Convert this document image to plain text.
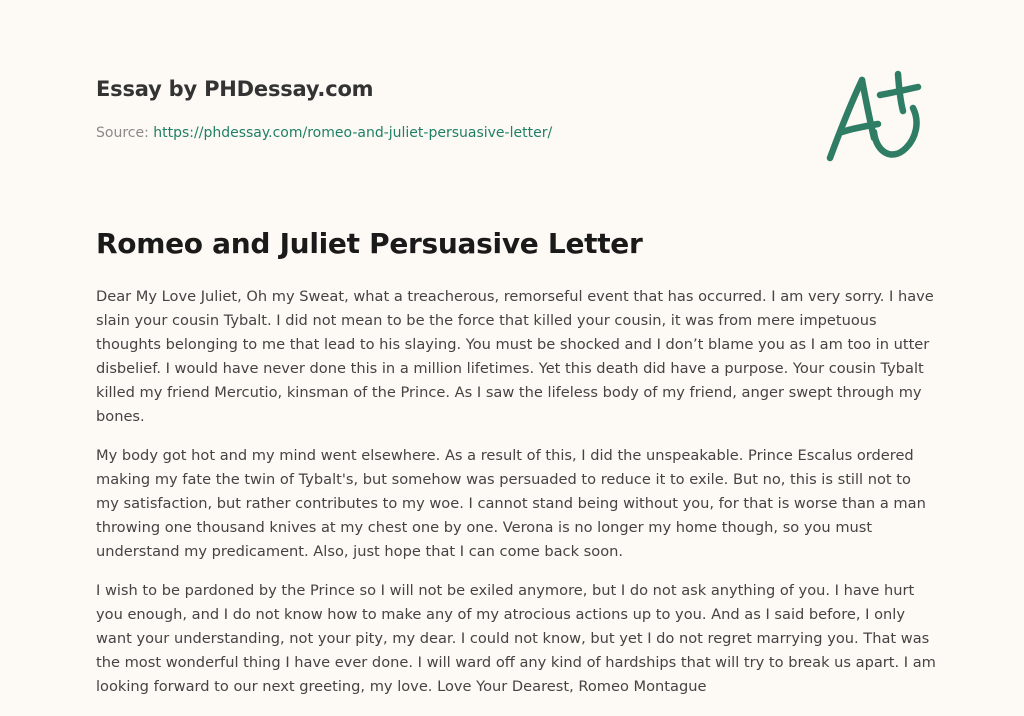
Essay by PHDessay.com
Source: https://phdessay.com/romeo-and-juliet-persuasive-letter/
Romeo and Juliet Persuasive Letter

Dear My Love Juliet, Oh my Sweat, what a treacherous, remorseful event that has occurred. I am very sorry. I have slain your cousin Tybalt. I did not mean to be the force that killed your cousin, it was from mere impetuous thoughts belonging to me that lead to his slaying. You must be shocked and I don’t blame you as I am too in utter disbelief. I would have never done this in a million lifetimes. Yet this death did have a purpose. Your cousin Tybalt killed my friend Mercutio, kinsman of the Prince. As I saw the lifeless body of my friend, anger swept through my bones.

My body got hot and my mind went elsewhere. As a result of this, I did the unspeakable. Prince Escalus ordered making my fate the twin of Tybalt's, but somehow was persuaded to reduce it to exile. But no, this is still not to my satisfaction, but rather contributes to my woe. I cannot stand being without you, for that is worse than a man throwing one thousand knives at my chest one by one. Verona is no longer my home though, so you must understand my predicament. Also, just hope that I can come back soon.

I wish to be pardoned by the Prince so I will not be exiled anymore, but I do not ask anything of you. I have hurt you enough, and I do not know how to make any of my atrocious actions up to you. And as I said before, I only want your understanding, not your pity, my dear. I could not know, but yet I do not regret marrying you. That was the most wonderful thing I have ever done. I will ward off any kind of hardships that will try to break us apart. I am looking forward to our next greeting, my love. Love Your Dearest, Romeo Montague
